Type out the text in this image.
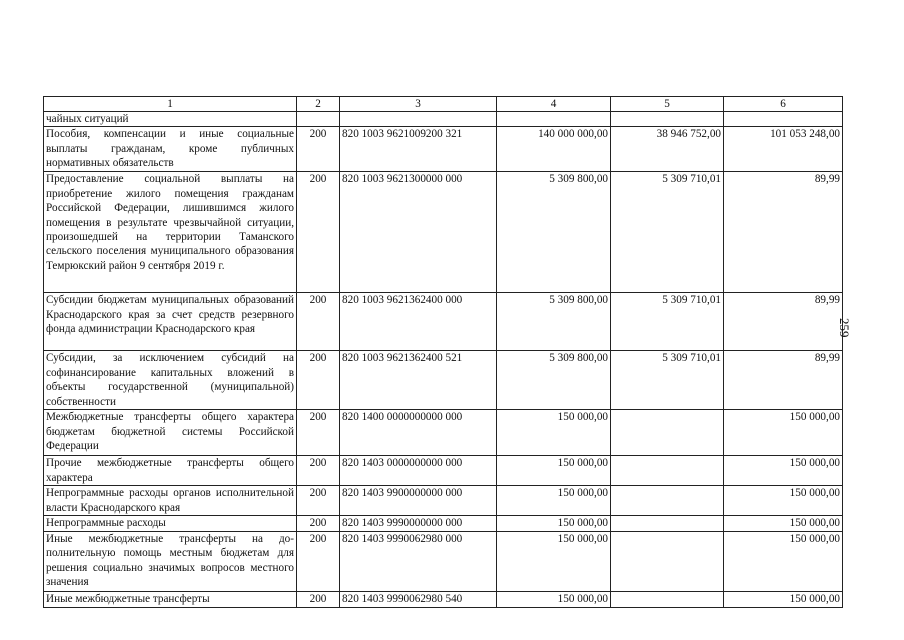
1	2	3	4	5	6
чайных ситуаций					
Пособия, компенсации и иные социальные выплаты гражданам, кроме публичных нормативных обязательств	200	820 1003 9621009200 321	140 000 000,00	38 946 752,00	101 053 248,00
Предоставление социальной выплаты на приобретение жилого помещения граждaнам Российской Федерации, лишившимся жилого помещения в результате чрезвычайной ситуации, произошедшей на территории Таманского сельского поселения муниципального образования Темрюкский район 9 сентября 2019 г.	200	820 1003 9621300000 000	5 309 800,00	5 309 710,01	89,99
Субсидии бюджетам муниципальных образований Краснодарского края за счет средств резервного фонда администрации Краснодарского края	200	820 1003 9621362400 000	5 309 800,00	5 309 710,01	89,99
Субсидии, за исключением субсидий на софинансирование капитальных вложений в объекты государственной (муниципальной) собственности	200	820 1003 9621362400 521	5 309 800,00	5 309 710,01	89,99
Межбюджетные трансферты общего характера бюджетам бюджетной системы Российской Федерации	200	820 1400 0000000000 000	150 000,00		150 000,00
Прочие межбюджетные трансферты общего характера	200	820 1403 0000000000 000	150 000,00		150 000,00
Непрограммные расходы органов исполнительной власти Краснодарского края	200	820 1403 9900000000 000	150 000,00		150 000,00
Непрограммные расходы	200	820 1403 9990000000 000	150 000,00		150 000,00
Иные межбюджетные трансферты на дополнительную помощь местным бюджетам для решения социально значимых вопросов местного значения	200	820 1403 9990062980 000	150 000,00		150 000,00
Иные межбюджетные трансферты	200	820 1403 9990062980 540	150 000,00		150 000,00
259
